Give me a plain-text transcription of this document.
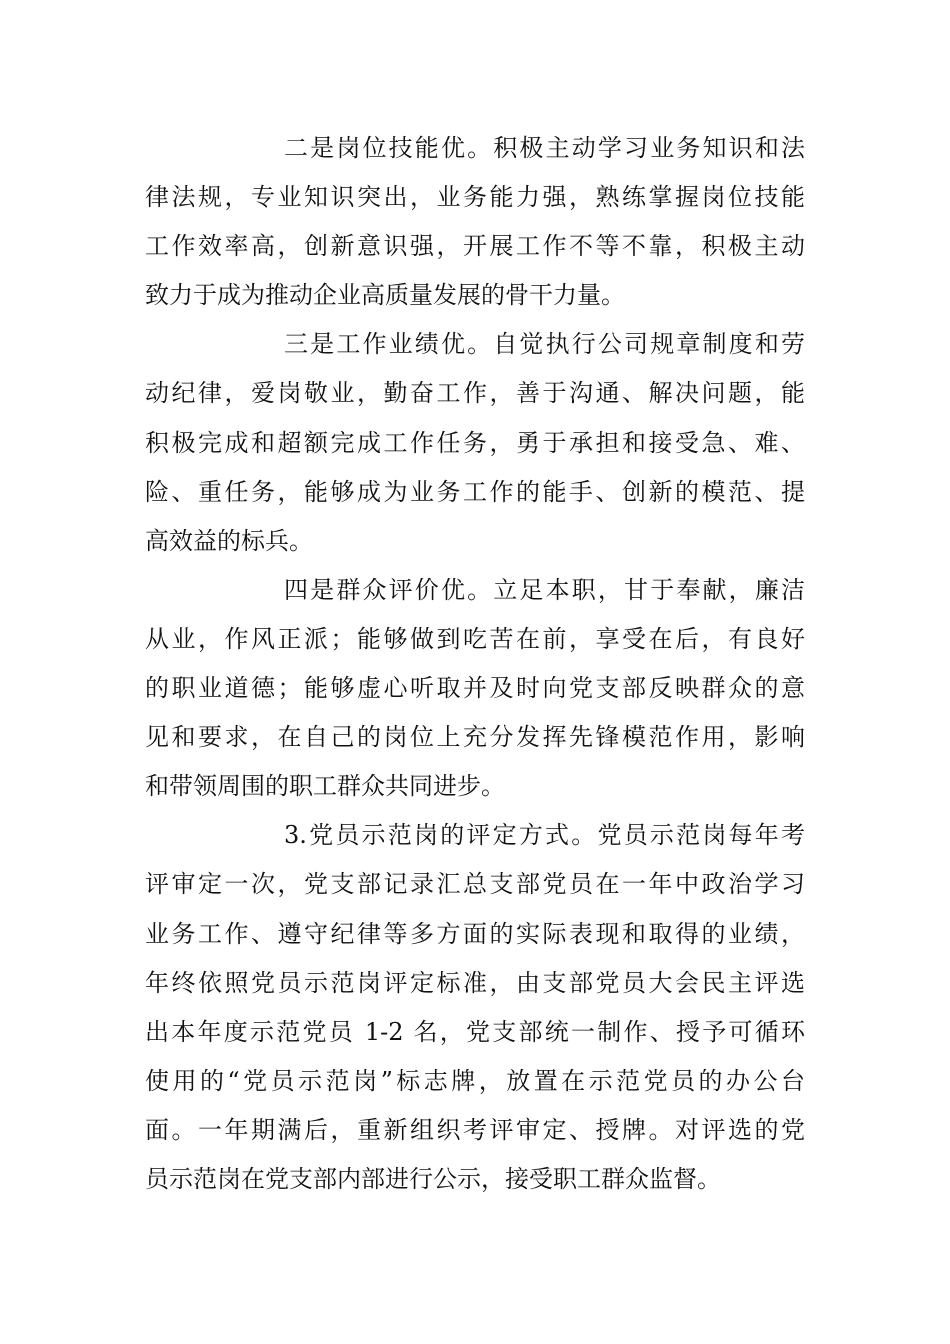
二是岗位技能优。积极主动学习业务知识和法
律法规，专业知识突出，业务能力强，熟练掌握岗位技能
工作效率高，创新意识强，开展工作不等不靠，积极主动
致力于成为推动企业高质量发展的骨干力量。
三是工作业绩优。自觉执行公司规章制度和劳
动纪律，爱岗敬业，勤奋工作，善于沟通、解决问题，能
积极完成和超额完成工作任务，勇于承担和接受急、难、
险、重任务，能够成为业务工作的能手、创新的模范、提
高效益的标兵。
四是群众评价优。立足本职，甘于奉献，廉洁
从业，作风正派；能够做到吃苦在前，享受在后，有良好
的职业道德；能够虚心听取并及时向党支部反映群众的意
见和要求，在自己的岗位上充分发挥先锋模范作用，影响
和带领周围的职工群众共同进步。
3.党员示范岗的评定方式。党员示范岗每年考
评审定一次，党支部记录汇总支部党员在一年中政治学习
业务工作、遵守纪律等多方面的实际表现和取得的业绩，
年终依照党员示范岗评定标准，由支部党员大会民主评选
出本年度示范党员 1-2 名，党支部统一制作、授予可循环
使用的“党员示范岗”标志牌，放置在示范党员的办公台
面。一年期满后，重新组织考评审定、授牌。对评选的党
员示范岗在党支部内部进行公示，接受职工群众监督。
